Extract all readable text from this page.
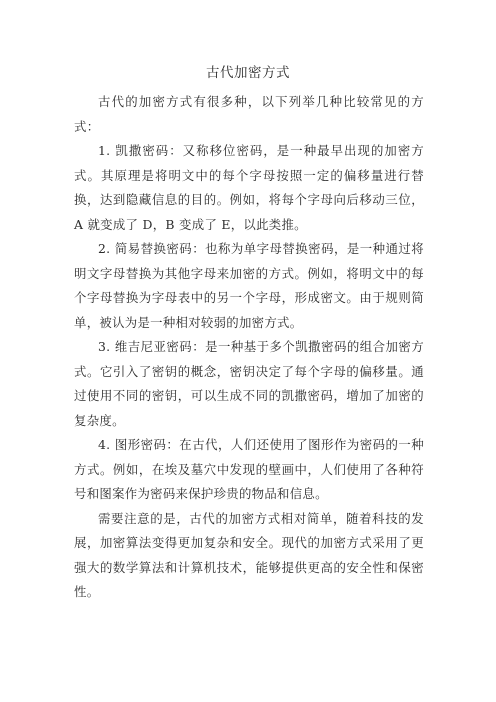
古代加密方式

古代的加密方式有很多种，以下列举几种比较常见的方式：

1. 凯撒密码：又称移位密码，是一种最早出现的加密方式。其原理是将明文中的每个字母按照一定的偏移量进行替换，达到隐藏信息的目的。例如，将每个字母向后移动三位，A 就变成了 D，B 变成了 E，以此类推。

2. 简易替换密码：也称为单字母替换密码，是一种通过将明文字母替换为其他字母来加密的方式。例如，将明文中的每个字母替换为字母表中的另一个字母，形成密文。由于规则简单，被认为是一种相对较弱的加密方式。

3. 维吉尼亚密码：是一种基于多个凯撒密码的组合加密方式。它引入了密钥的概念，密钥决定了每个字母的偏移量。通过使用不同的密钥，可以生成不同的凯撒密码，增加了加密的复杂度。

4. 图形密码：在古代，人们还使用了图形作为密码的一种方式。例如，在埃及墓穴中发现的壁画中，人们使用了各种符号和图案作为密码来保护珍贵的物品和信息。

需要注意的是，古代的加密方式相对简单，随着科技的发展，加密算法变得更加复杂和安全。现代的加密方式采用了更强大的数学算法和计算机技术，能够提供更高的安全性和保密性。
